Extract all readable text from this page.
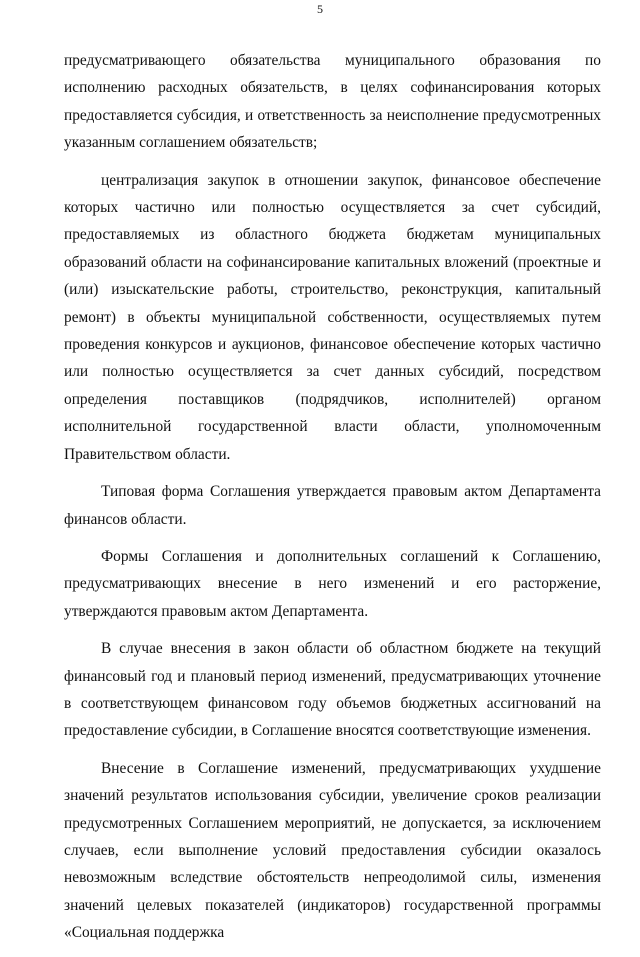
5

предусматривающего обязательства муниципального образования по исполнению расходных обязательств, в целях софинансирования которых предоставляется субсидия, и ответственность за неисполнение предусмотренных указанным соглашением обязательств;

централизация закупок в отношении закупок, финансовое обеспечение которых частично или полностью осуществляется за счет субсидий, предоставляемых из областного бюджета бюджетам муниципальных образований области на софинансирование капитальных вложений (проектные и (или) изыскательские работы, строительство, реконструкция, капитальный ремонт) в объекты муниципальной собственности, осуществляемых путем проведения конкурсов и аукционов, финансовое обеспечение которых частично или полностью осуществляется за счет данных субсидий, посредством определения поставщиков (подрядчиков, исполнителей) органом исполнительной государственной власти области, уполномоченным Правительством области.

Типовая форма Соглашения утверждается правовым актом Департамента финансов области.

Формы Соглашения и дополнительных соглашений к Соглашению, предусматривающих внесение в него изменений и его расторжение, утверждаются правовым актом Департамента.

В случае внесения в закон области об областном бюджете на текущий финансовый год и плановый период изменений, предусматривающих уточнение в соответствующем финансовом году объемов бюджетных ассигнований на предоставление субсидии, в Соглашение вносятся соответствующие изменения.

Внесение в Соглашение изменений, предусматривающих ухудшение значений результатов использования субсидии, увеличение сроков реализации предусмотренных Соглашением мероприятий, не допускается, за исключением случаев, если выполнение условий предоставления субсидии оказалось невозможным вследствие обстоятельств непреодолимой силы, изменения значений целевых показателей (индикаторов) государственной программы «Социальная поддержка
